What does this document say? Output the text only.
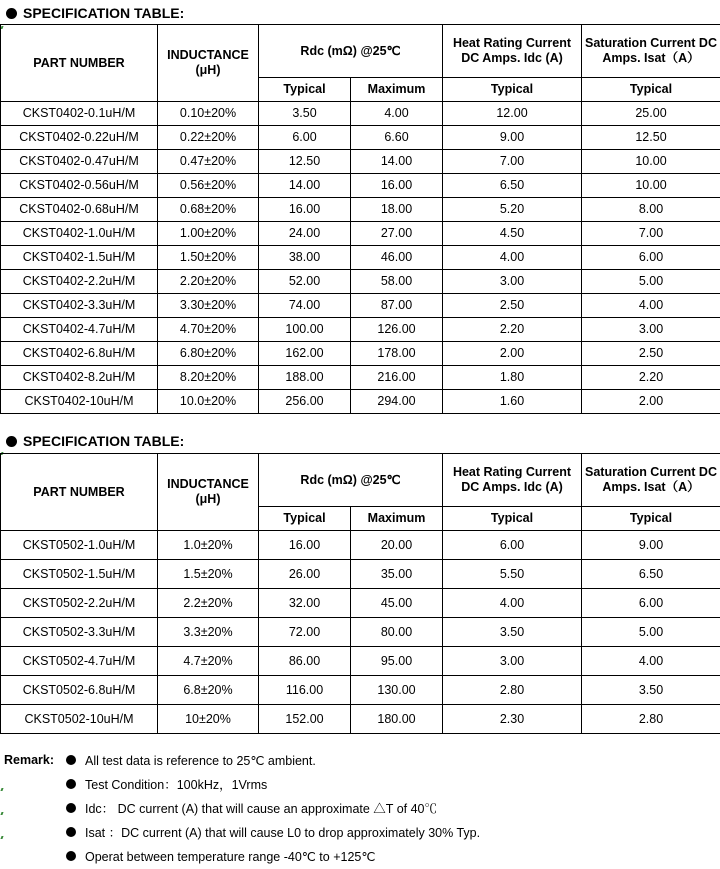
SPECIFICATION TABLE:
PART NUMBER	INDUCTANCE (μH)	Rdc (mΩ) @25℃		Heat Rating Current DC Amps. Idc (A)	Saturation Current DC Amps. Isat（A）
		Typical	Maximum	Typical	Typical
CKST0402-0.1uH/M	0.10±20%	3.50	4.00	12.00	25.00
CKST0402-0.22uH/M	0.22±20%	6.00	6.60	9.00	12.50
CKST0402-0.47uH/M	0.47±20%	12.50	14.00	7.00	10.00
CKST0402-0.56uH/M	0.56±20%	14.00	16.00	6.50	10.00
CKST0402-0.68uH/M	0.68±20%	16.00	18.00	5.20	8.00
CKST0402-1.0uH/M	1.00±20%	24.00	27.00	4.50	7.00
CKST0402-1.5uH/M	1.50±20%	38.00	46.00	4.00	6.00
CKST0402-2.2uH/M	2.20±20%	52.00	58.00	3.00	5.00
CKST0402-3.3uH/M	3.30±20%	74.00	87.00	2.50	4.00
CKST0402-4.7uH/M	4.70±20%	100.00	126.00	2.20	3.00
CKST0402-6.8uH/M	6.80±20%	162.00	178.00	2.00	2.50
CKST0402-8.2uH/M	8.20±20%	188.00	216.00	1.80	2.20
CKST0402-10uH/M	10.0±20%	256.00	294.00	1.60	2.00
SPECIFICATION TABLE:
PART NUMBER	INDUCTANCE (μH)	Rdc (mΩ) @25℃		Heat Rating Current DC Amps. Idc (A)	Saturation Current DC Amps. Isat（A）
		Typical	Maximum	Typical	Typical
CKST0502-1.0uH/M	1.0±20%	16.00	20.00	6.00	9.00
CKST0502-1.5uH/M	1.5±20%	26.00	35.00	5.50	6.50
CKST0502-2.2uH/M	2.2±20%	32.00	45.00	4.00	6.00
CKST0502-3.3uH/M	3.3±20%	72.00	80.00	3.50	5.00
CKST0502-4.7uH/M	4.7±20%	86.00	95.00	3.00	4.00
CKST0502-6.8uH/M	6.8±20%	116.00	130.00	2.80	3.50
CKST0502-10uH/M	10±20%	152.00	180.00	2.30	2.80
Remark: All test data is reference to 25℃ ambient.
Test Condition：100kHz，1Vrms
Idc： DC current (A) that will cause an approximate △T of 40℃
Isat ：DC current (A) that will cause L0 to drop approximately 30% Typ.
Operat between temperature range -40℃ to +125℃
